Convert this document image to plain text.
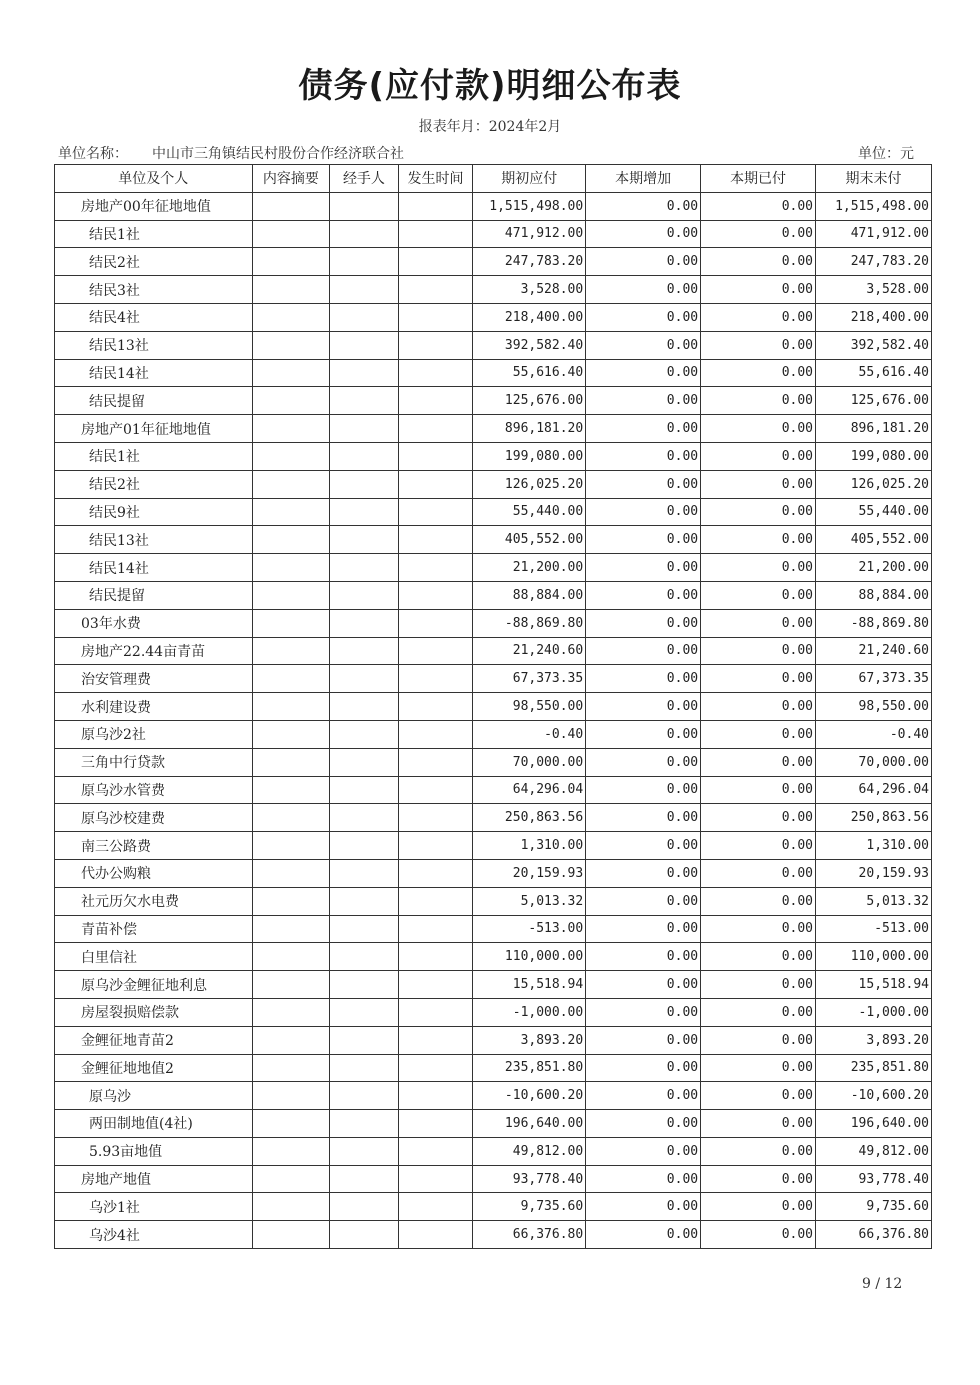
债务(应付款)明细公布表
报表年月：2024年2月
单位名称： 中山市三角镇结民村股份合作经济联合社	单位：元
单位及个人	内容摘要	经手人	发生时间	期初应付	本期增加	本期已付	期末未付
房地产00年征地地值				1,515,498.00	0.00	0.00	1,515,498.00
结民1社				471,912.00	0.00	0.00	471,912.00
结民2社				247,783.20	0.00	0.00	247,783.20
结民3社				3,528.00	0.00	0.00	3,528.00
结民4社				218,400.00	0.00	0.00	218,400.00
结民13社				392,582.40	0.00	0.00	392,582.40
结民14社				55,616.40	0.00	0.00	55,616.40
结民提留				125,676.00	0.00	0.00	125,676.00
房地产01年征地地值				896,181.20	0.00	0.00	896,181.20
结民1社				199,080.00	0.00	0.00	199,080.00
结民2社				126,025.20	0.00	0.00	126,025.20
结民9社				55,440.00	0.00	0.00	55,440.00
结民13社				405,552.00	0.00	0.00	405,552.00
结民14社				21,200.00	0.00	0.00	21,200.00
结民提留				88,884.00	0.00	0.00	88,884.00
03年水费				-88,869.80	0.00	0.00	-88,869.80
房地产22.44亩青苗				21,240.60	0.00	0.00	21,240.60
治安管理费				67,373.35	0.00	0.00	67,373.35
水利建设费				98,550.00	0.00	0.00	98,550.00
原乌沙2社				-0.40	0.00	0.00	-0.40
三角中行贷款				70,000.00	0.00	0.00	70,000.00
原乌沙水管费				64,296.04	0.00	0.00	64,296.04
原乌沙校建费				250,863.56	0.00	0.00	250,863.56
南三公路费				1,310.00	0.00	0.00	1,310.00
代办公购粮				20,159.93	0.00	0.00	20,159.93
社元历欠水电费				5,013.32	0.00	0.00	5,013.32
青苗补偿				-513.00	0.00	0.00	-513.00
白里信社				110,000.00	0.00	0.00	110,000.00
原乌沙金鲤征地利息				15,518.94	0.00	0.00	15,518.94
房屋裂损赔偿款				-1,000.00	0.00	0.00	-1,000.00
金鲤征地青苗2				3,893.20	0.00	0.00	3,893.20
金鲤征地地值2				235,851.80	0.00	0.00	235,851.80
原乌沙				-10,600.20	0.00	0.00	-10,600.20
两田制地值(4社)				196,640.00	0.00	0.00	196,640.00
5.93亩地值				49,812.00	0.00	0.00	49,812.00
房地产地值				93,778.40	0.00	0.00	93,778.40
乌沙1社				9,735.60	0.00	0.00	9,735.60
乌沙4社				66,376.80	0.00	0.00	66,376.80
9 / 12
